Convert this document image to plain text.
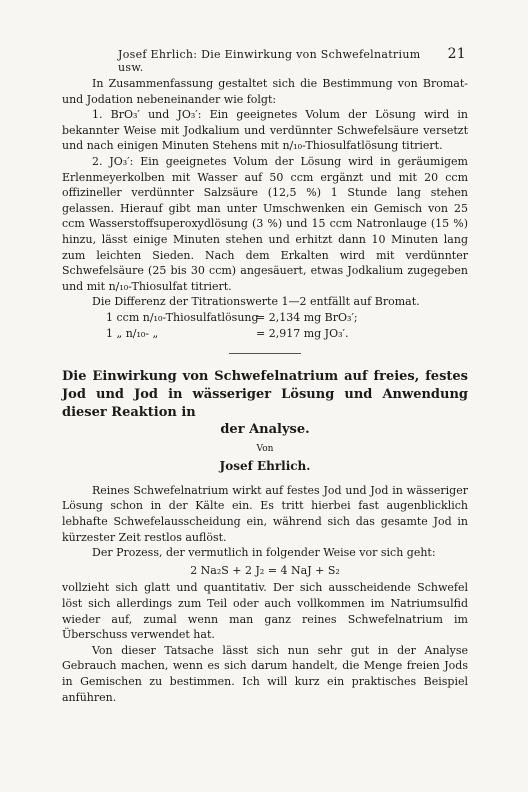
Josef Ehrlich: Die Einwirkung von Schwefelnatrium usw.
21

In Zusammenfassung gestaltet sich die Bestimmung von Bromat- und Jodation nebeneinander wie folgt:

1. BrO₃′ und JO₃′: Ein geeignetes Volum der Lösung wird in bekannter Weise mit Jodkalium und verdünnter Schwefelsäure versetzt und nach einigen Minuten Stehens mit n/₁₀-Thiosulfatlösung titriert.

2. JO₃′: Ein geeignetes Volum der Lösung wird in geräumigem Erlenmeyerkolben mit Wasser auf 50 ccm ergänzt und mit 20 ccm offizineller verdünnter Salzsäure (12,5 %) 1 Stunde lang stehen gelassen. Hierauf gibt man unter Umschwenken ein Gemisch von 25 ccm Wasserstoffsuperoxydlösung (3 %) und 15 ccm Natronlauge (15 %) hinzu, lässt einige Minuten stehen und erhitzt dann 10 Minuten lang zum leichten Sieden. Nach dem Erkalten wird mit verdünnter Schwefelsäure (25 bis 30 ccm) angesäuert, etwas Jodkalium zugegeben und mit n/₁₀-Thiosulfat titriert.

Die Differenz der Titrationswerte 1—2 entfällt auf Bromat.

1 ccm n/₁₀-Thiosulfatlösung= 2,134 mg BrO₃′;
1 „ n/₁₀- „	= 2,917 mg JO₃′.

Die Einwirkung von Schwefelnatrium auf freies, festes Jod und Jod in wässeriger Lösung und Anwendung dieser Reaktion in

der Analyse.

Von

Josef Ehrlich.

Reines Schwefelnatrium wirkt auf festes Jod und Jod in wässeriger Lösung schon in der Kälte ein. Es tritt hierbei fast augenblicklich lebhafte Schwefelausscheidung ein, während sich das gesamte Jod in kürzester Zeit restlos auflöst.

Der Prozess, der vermutlich in folgender Weise vor sich geht:

2 Na₂S + 2 J₂ = 4 NaJ + S₂

vollzieht sich glatt und quantitativ. Der sich ausscheidende Schwefel löst sich allerdings zum Teil oder auch vollkommen im Natriumsulfid wieder auf, zumal wenn man ganz reines Schwefelnatrium im Überschuss verwendet hat.

Von dieser Tatsache lässt sich nun sehr gut in der Analyse Gebrauch machen, wenn es sich darum handelt, die Menge freien Jods in Gemischen zu bestimmen. Ich will kurz ein praktisches Beispiel anführen.
